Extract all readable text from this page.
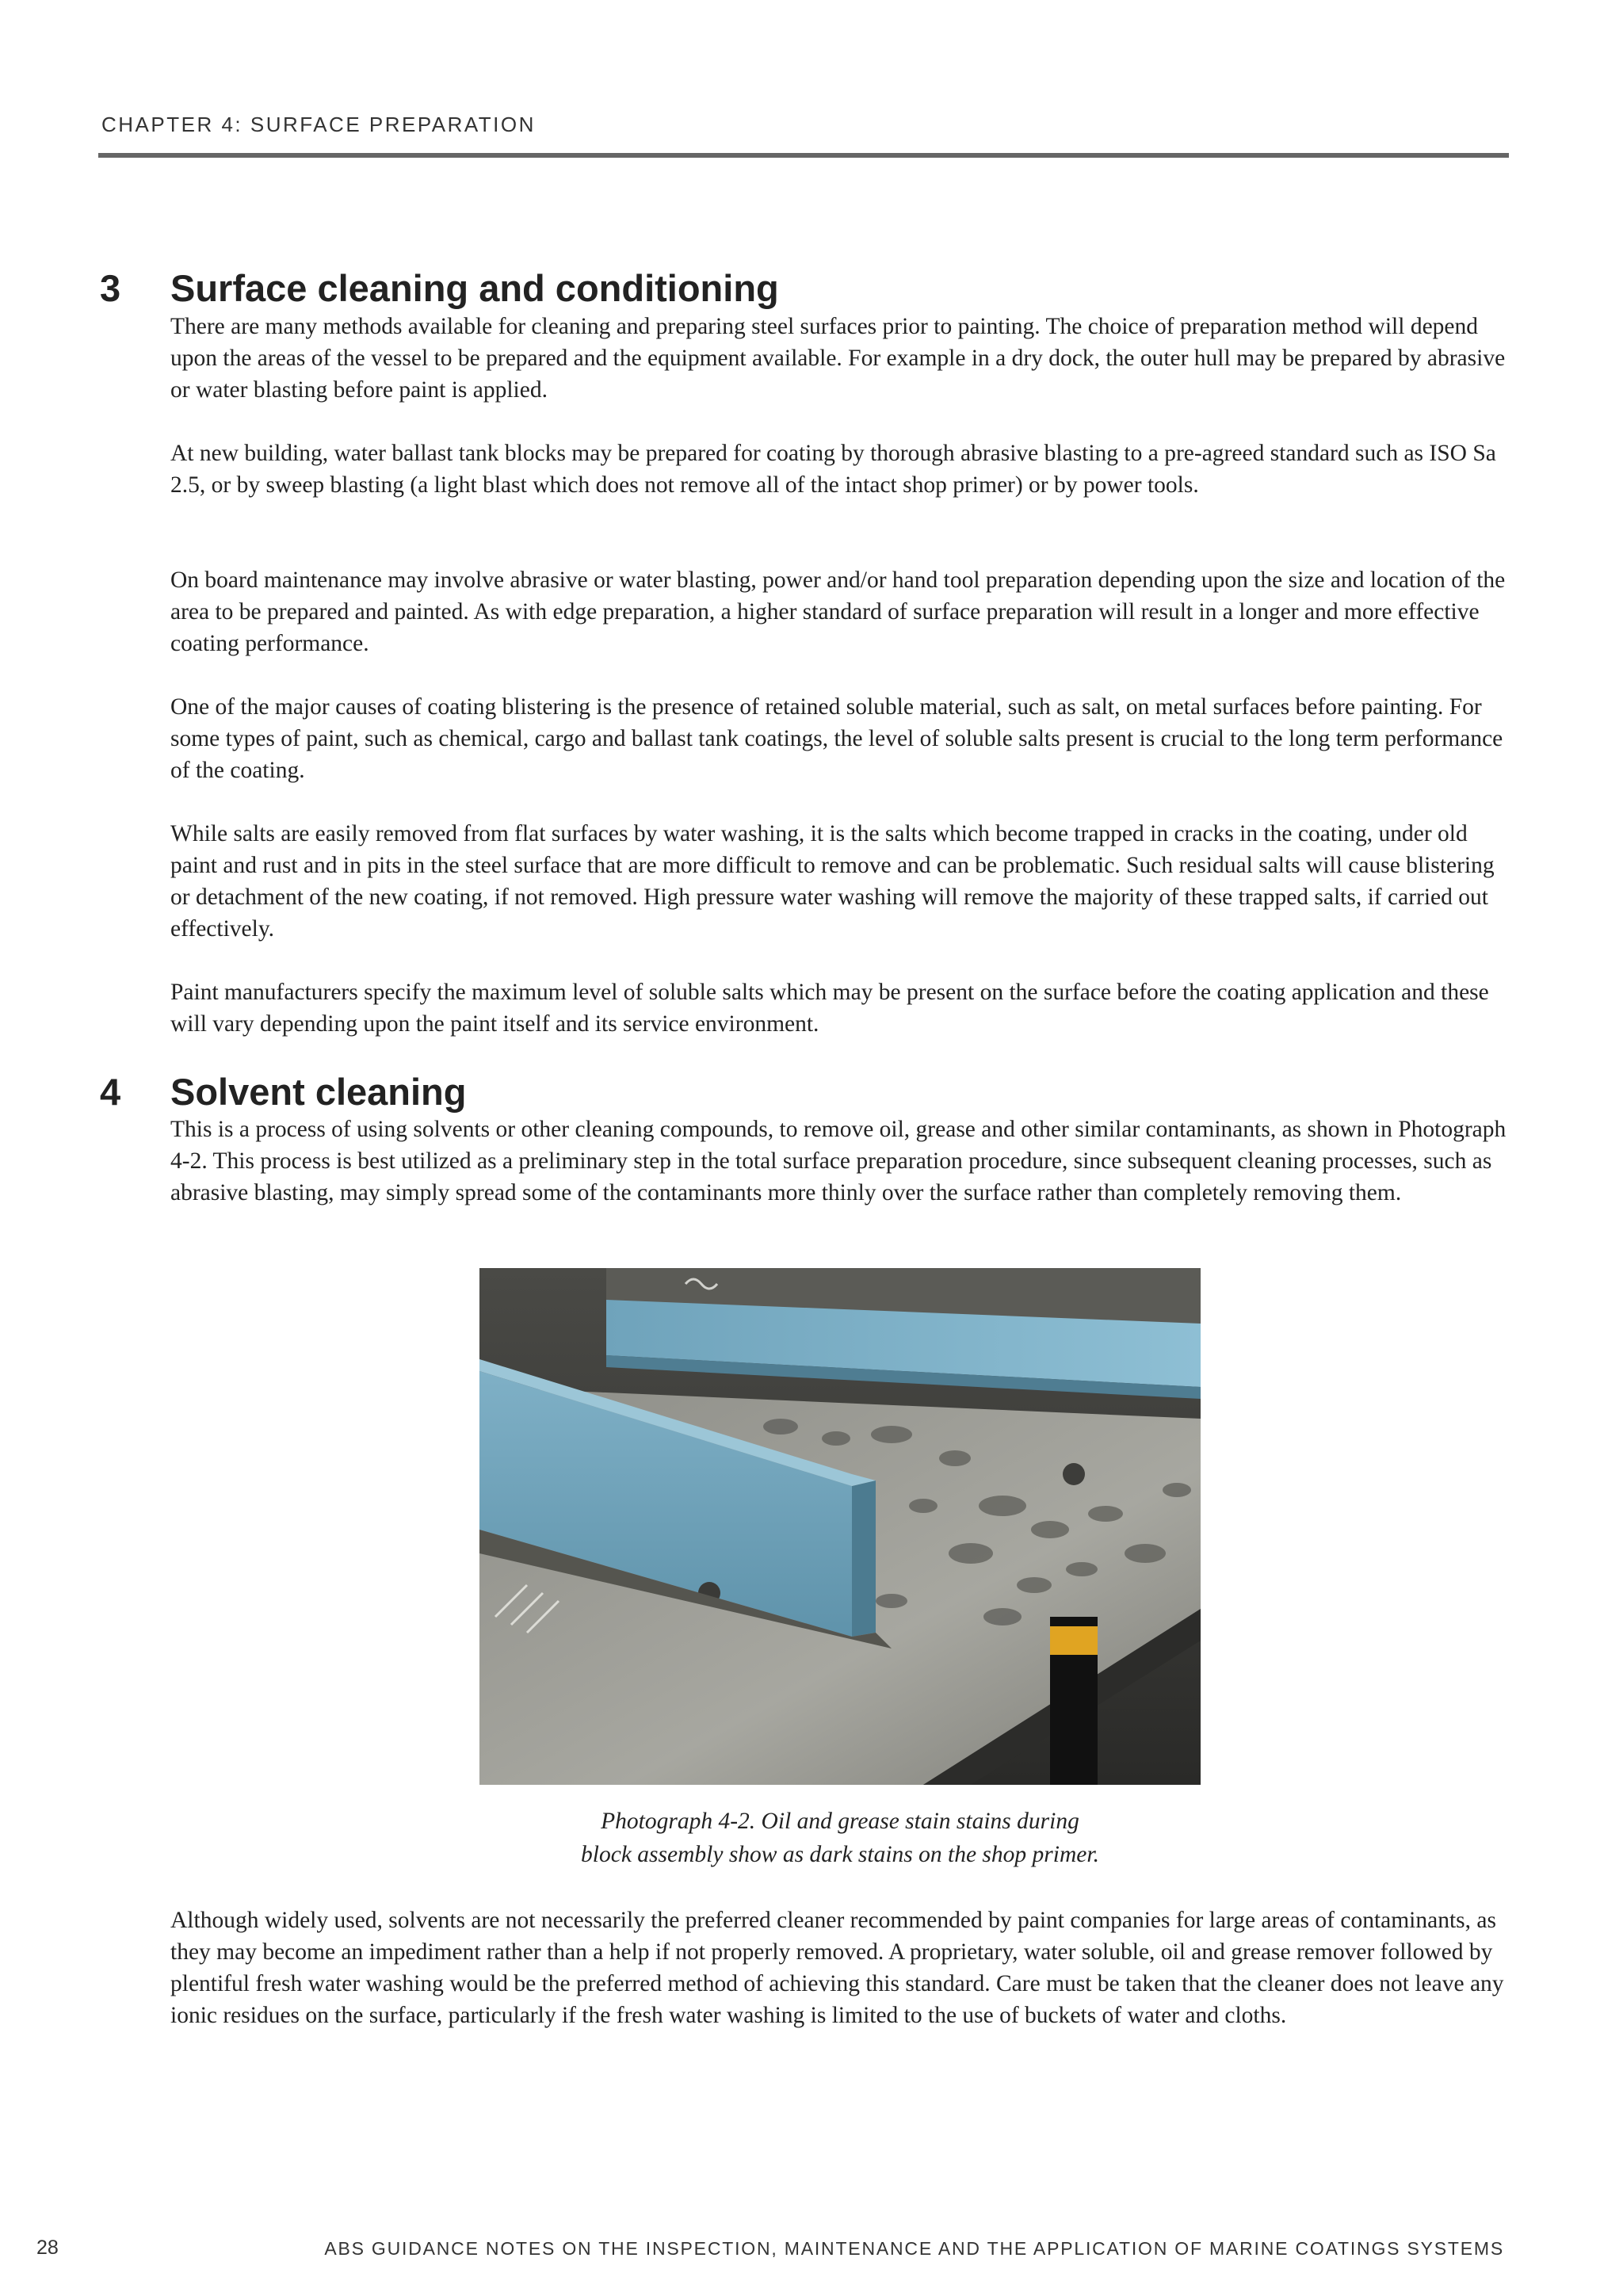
CHAPTER 4: SURFACE PREPARATION
3 Surface cleaning and conditioning

There are many methods available for cleaning and preparing steel surfaces prior to painting. The choice of preparation method will depend upon the areas of the vessel to be prepared and the equipment available. For example in a dry dock, the outer hull may be prepared by abrasive or water blasting before paint is applied.

At new building, water ballast tank blocks may be prepared for coating by thorough abrasive blasting to a pre-agreed standard such as ISO Sa 2.5, or by sweep blasting (a light blast which does not remove all of the intact shop primer) or by power tools.

On board maintenance may involve abrasive or water blasting, power and/or hand tool preparation depending upon the size and location of the area to be prepared and painted. As with edge preparation, a higher standard of surface preparation will result in a longer and more effective coating performance.

One of the major causes of coating blistering is the presence of retained soluble material, such as salt, on metal surfaces before painting. For some types of paint, such as chemical, cargo and ballast tank coatings, the level of soluble salts present is crucial to the long term performance of the coating.

While salts are easily removed from flat surfaces by water washing, it is the salts which become trapped in cracks in the coating, under old paint and rust and in pits in the steel surface that are more difficult to remove and can be problematic. Such residual salts will cause blistering or detachment of the new coating, if not removed. High pressure water washing will remove the majority of these trapped salts, if carried out effectively.

Paint manufacturers specify the maximum level of soluble salts which may be present on the surface before the coating application and these will vary depending upon the paint itself and its service environment.

4 Solvent cleaning

This is a process of using solvents or other cleaning compounds, to remove oil, grease and other similar contaminants, as shown in Photograph 4-2. This process is best utilized as a preliminary step in the total surface preparation procedure, since subsequent cleaning processes, such as abrasive blasting, may simply spread some of the contaminants more thinly over the surface rather than completely removing them.

Photograph 4-2. Oil and grease stain stains during
block assembly show as dark stains on the shop primer.

Although widely used, solvents are not necessarily the preferred cleaner recommended by paint companies for large areas of contaminants, as they may become an impediment rather than a help if not properly removed. A proprietary, water soluble, oil and grease remover followed by plentiful fresh water washing would be the preferred method of achieving this standard. Care must be taken that the cleaner does not leave any ionic residues on the surface, particularly if the fresh water washing is limited to the use of buckets of water and cloths.

28	ABS GUIDANCE NOTES ON THE INSPECTION, MAINTENANCE AND THE APPLICATION OF MARINE COATINGS SYSTEMS
